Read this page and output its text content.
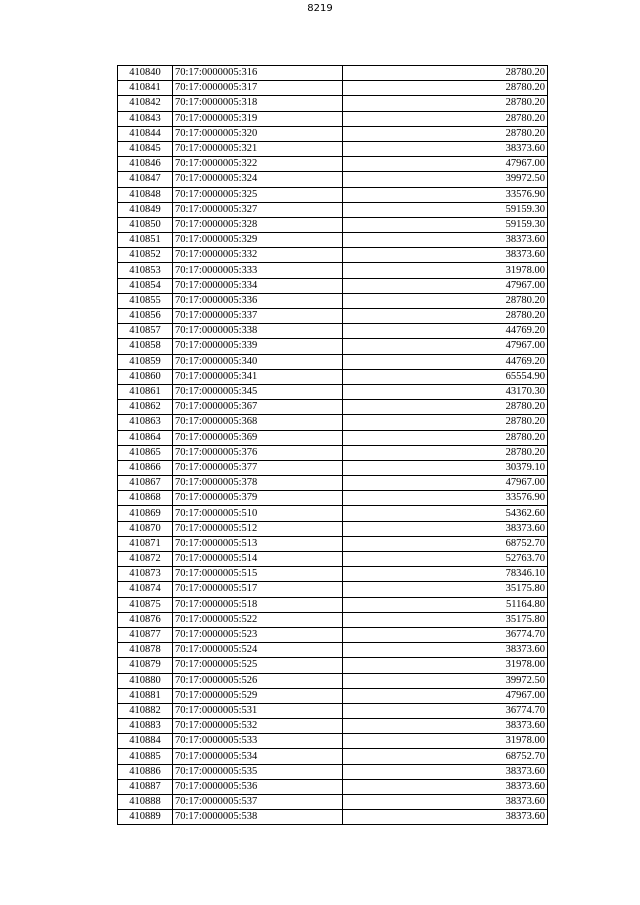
8219
410840	70:17:0000005:316	28780.20
410841	70:17:0000005:317	28780.20
410842	70:17:0000005:318	28780.20
410843	70:17:0000005:319	28780.20
410844	70:17:0000005:320	28780.20
410845	70:17:0000005:321	38373.60
410846	70:17:0000005:322	47967.00
410847	70:17:0000005:324	39972.50
410848	70:17:0000005:325	33576.90
410849	70:17:0000005:327	59159.30
410850	70:17:0000005:328	59159.30
410851	70:17:0000005:329	38373.60
410852	70:17:0000005:332	38373.60
410853	70:17:0000005:333	31978.00
410854	70:17:0000005:334	47967.00
410855	70:17:0000005:336	28780.20
410856	70:17:0000005:337	28780.20
410857	70:17:0000005:338	44769.20
410858	70:17:0000005:339	47967.00
410859	70:17:0000005:340	44769.20
410860	70:17:0000005:341	65554.90
410861	70:17:0000005:345	43170.30
410862	70:17:0000005:367	28780.20
410863	70:17:0000005:368	28780.20
410864	70:17:0000005:369	28780.20
410865	70:17:0000005:376	28780.20
410866	70:17:0000005:377	30379.10
410867	70:17:0000005:378	47967.00
410868	70:17:0000005:379	33576.90
410869	70:17:0000005:510	54362.60
410870	70:17:0000005:512	38373.60
410871	70:17:0000005:513	68752.70
410872	70:17:0000005:514	52763.70
410873	70:17:0000005:515	78346.10
410874	70:17:0000005:517	35175.80
410875	70:17:0000005:518	51164.80
410876	70:17:0000005:522	35175.80
410877	70:17:0000005:523	36774.70
410878	70:17:0000005:524	38373.60
410879	70:17:0000005:525	31978.00
410880	70:17:0000005:526	39972.50
410881	70:17:0000005:529	47967.00
410882	70:17:0000005:531	36774.70
410883	70:17:0000005:532	38373.60
410884	70:17:0000005:533	31978.00
410885	70:17:0000005:534	68752.70
410886	70:17:0000005:535	38373.60
410887	70:17:0000005:536	38373.60
410888	70:17:0000005:537	38373.60
410889	70:17:0000005:538	38373.60
